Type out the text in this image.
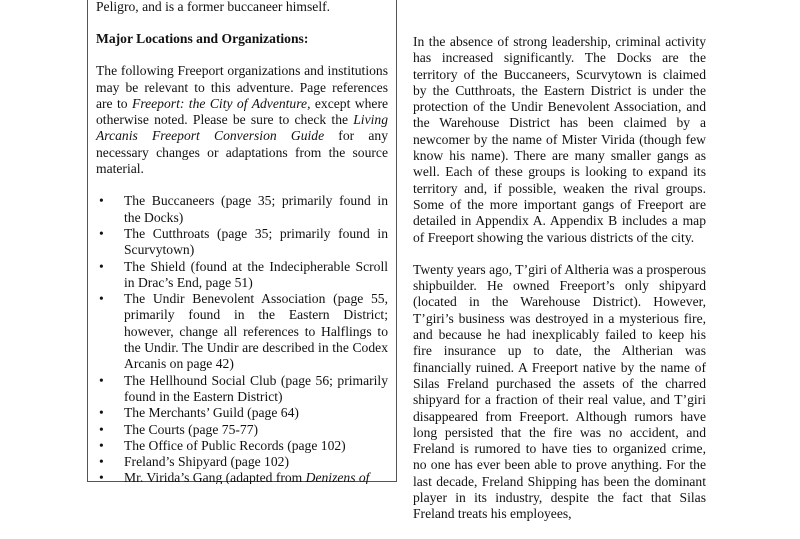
Peligro, and is a former buccaneer himself.

Major Locations and Organizations:

The following Freeport organizations and institutions may be relevant to this adventure. Page references are to Freeport: the City of Adventure, except where otherwise noted. Please be sure to check the Living Arcanis Freeport Conversion Guide for any necessary changes or adaptations from the source material.

• The Buccaneers (page 35; primarily found in the Docks)
• The Cutthroats (page 35; primarily found in Scurvytown)
• The Shield (found at the Indecipherable Scroll in Drac’s End, page 51)
• The Undir Benevolent Association (page 55, primarily found in the Eastern District; however, change all references to Halflings to the Undir. The Undir are described in the Codex Arcanis on page 42)
• The Hellhound Social Club (page 56; primarily found in the Eastern District)
• The Merchants’ Guild (page 64)
• The Courts (page 75-77)
• The Office of Public Records (page 102)
• Freland’s Shipyard (page 102)
• Mr. Virida’s Gang (adapted from Denizens of

In the absence of strong leadership, criminal activity has increased significantly. The Docks are the territory of the Buccaneers, Scurvytown is claimed by the Cutthroats, the Eastern District is under the protection of the Undir Benevolent Association, and the Warehouse District has been claimed by a newcomer by the name of Mister Virida (though few know his name). There are many smaller gangs as well. Each of these groups is looking to expand its territory and, if possible, weaken the rival groups. Some of the more important gangs of Freeport are detailed in Appendix A. Appendix B includes a map of Freeport showing the various districts of the city.

Twenty years ago, T’giri of Altheria was a prosperous shipbuilder. He owned Freeport’s only shipyard (located in the Warehouse District). However, T’giri’s business was destroyed in a mysterious fire, and because he had inexplicably failed to keep his fire insurance up to date, the Altherian was financially ruined. A Freeport native by the name of Silas Freland purchased the assets of the charred shipyard for a fraction of their real value, and T’giri disappeared from Freeport. Although rumors have long persisted that the fire was no accident, and Freland is rumored to have ties to organized crime, no one has ever been able to prove anything. For the last decade, Freland Shipping has been the dominant player in its industry, despite the fact that Silas Freland treats his employees,
